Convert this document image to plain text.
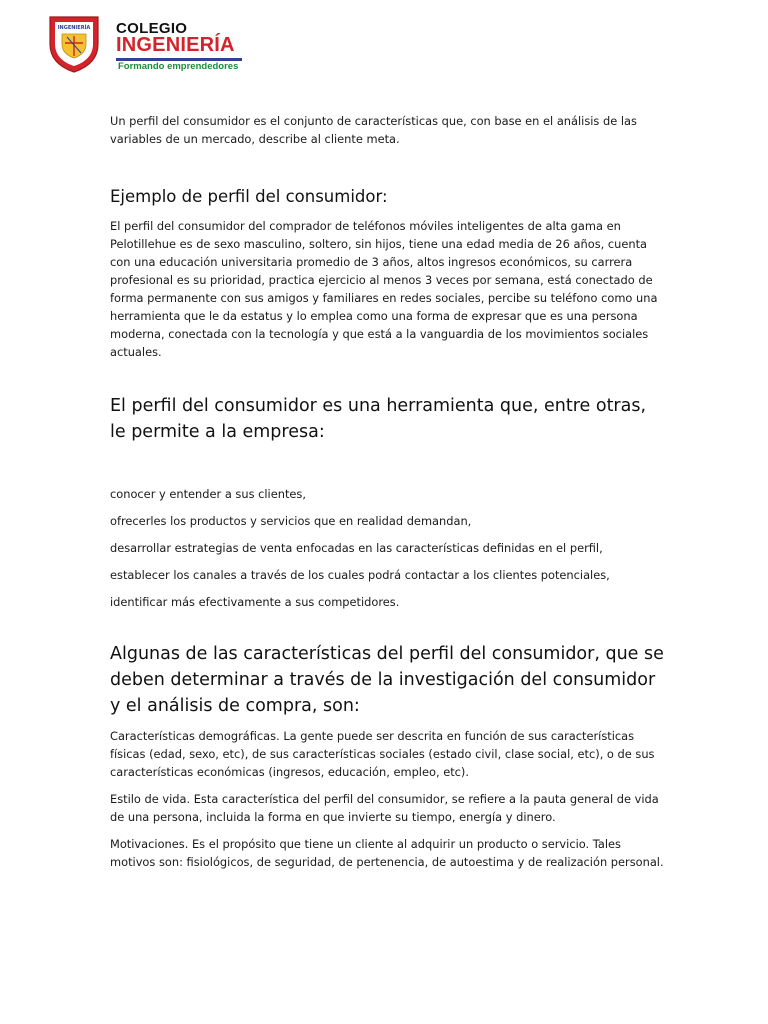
INGENIERÍA COLEGIO
INGENIERÍA
Formando emprendedores

Un perfil del consumidor es el conjunto de características que, con base en el análisis de las variables de un mercado, describe al cliente meta.

Ejemplo de perfil del consumidor:

El perfil del consumidor del comprador de teléfonos móviles inteligentes de alta gama en Pelotillehue es de sexo masculino, soltero, sin hijos, tiene una edad media de 26 años, cuenta con una educación universitaria promedio de 3 años, altos ingresos económicos, su carrera profesional es su prioridad, practica ejercicio al menos 3 veces por semana, está conectado de forma permanente con sus amigos y familiares en redes sociales, percibe su teléfono como una herramienta que le da estatus y lo emplea como una forma de expresar que es una persona moderna, conectada con la tecnología y que está a la vanguardia de los movimientos sociales actuales.

El perfil del consumidor es una herramienta que, entre otras, le permite a la empresa:

conocer y entender a sus clientes,

ofrecerles los productos y servicios que en realidad demandan,

desarrollar estrategias de venta enfocadas en las características definidas en el perfil,

establecer los canales a través de los cuales podrá contactar a los clientes potenciales,

identificar más efectivamente a sus competidores.

Algunas de las características del perfil del consumidor, que se deben determinar a través de la investigación del consumidor y el análisis de compra, son:

Características demográficas. La gente puede ser descrita en función de sus características físicas (edad, sexo, etc), de sus características sociales (estado civil, clase social, etc), o de sus características económicas (ingresos, educación, empleo, etc).

Estilo de vida. Esta característica del perfil del consumidor, se refiere a la pauta general de vida de una persona, incluida la forma en que invierte su tiempo, energía y dinero.

Motivaciones. Es el propósito que tiene un cliente al adquirir un producto o servicio. Tales motivos son: fisiológicos, de seguridad, de pertenencia, de autoestima y de realización personal.
